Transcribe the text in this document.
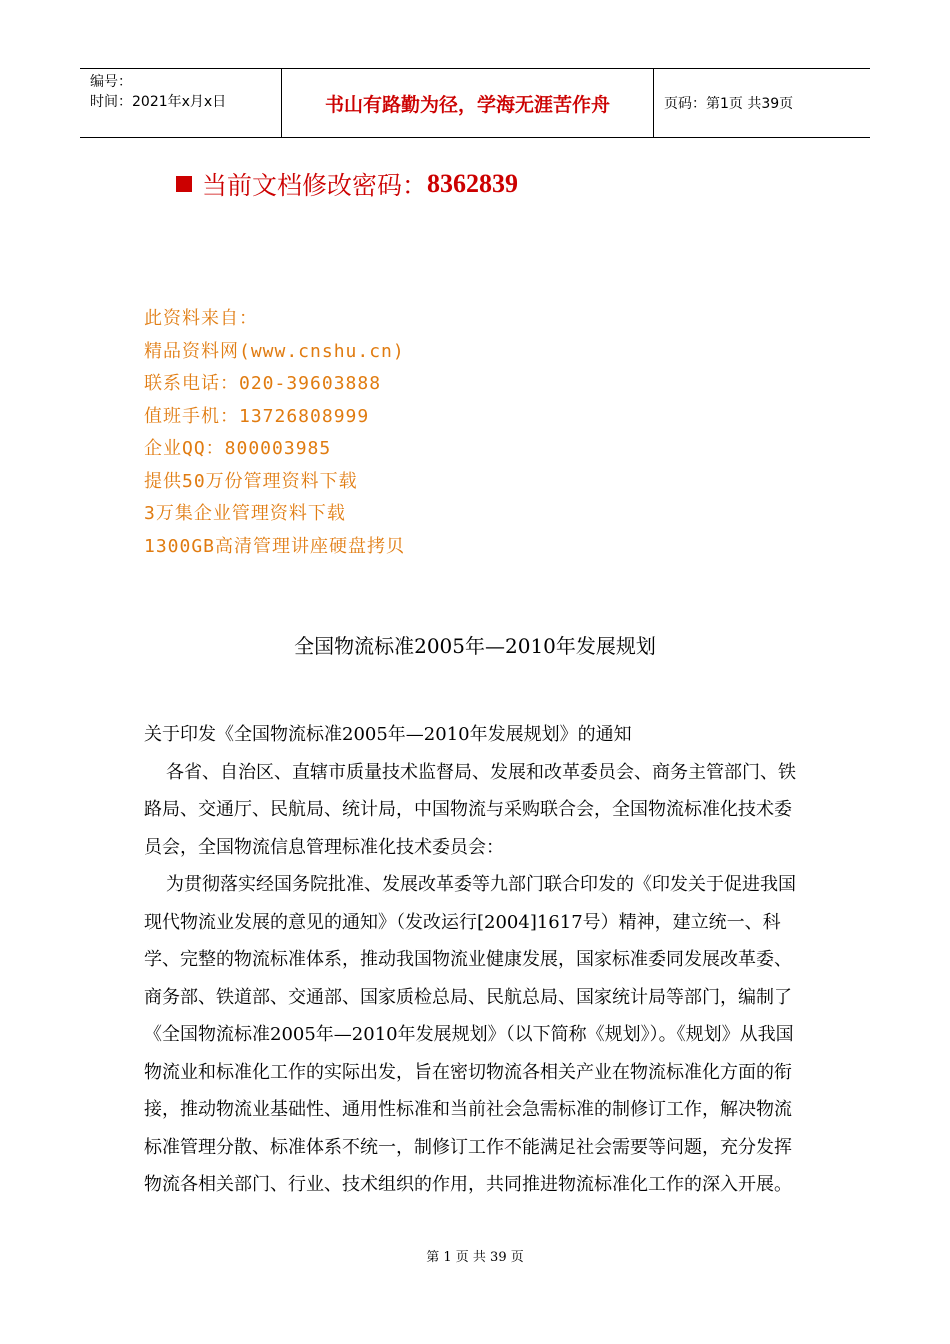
编号：
时间：2021年x月x日	书山有路勤为径，学海无涯苦作舟	页码：第1页 共39页
当前文档修改密码： 8362839
此资料来自：
精品资料网(www.cnshu.cn)
联系电话：020-39603888
值班手机：13726808999
企业QQ：800003985
提供50万份管理资料下载
3万集企业管理资料下载
1300GB高清管理讲座硬盘拷贝
全国物流标准2005年—2010年发展规划

关于印发《全国物流标准2005年—2010年发展规划》的通知

各省、自治区、直辖市质量技术监督局、发展和改革委员会、商务主管部门、铁路局、交通厅、民航局、统计局，中国物流与采购联合会，全国物流标准化技术委员会，全国物流信息管理标准化技术委员会：

为贯彻落实经国务院批准、发展改革委等九部门联合印发的《印发关于促进我国现代物流业发展的意见的通知》（发改运行[2004]1617号）精神，建立统一、科学、完整的物流标准体系，推动我国物流业健康发展，国家标准委同发展改革委、商务部、铁道部、交通部、国家质检总局、民航总局、国家统计局等部门，编制了《全国物流标准2005年—2010年发展规划》（以下简称《规划》）。《规划》从我国物流业和标准化工作的实际出发，旨在密切物流各相关产业在物流标准化方面的衔接，推动物流业基础性、通用性标准和当前社会急需标准的制修订工作，解决物流标准管理分散、标准体系不统一，制修订工作不能满足社会需要等问题，充分发挥物流各相关部门、行业、技术组织的作用，共同推进物流标准化工作的深入开展。

第 1 页 共 39 页
